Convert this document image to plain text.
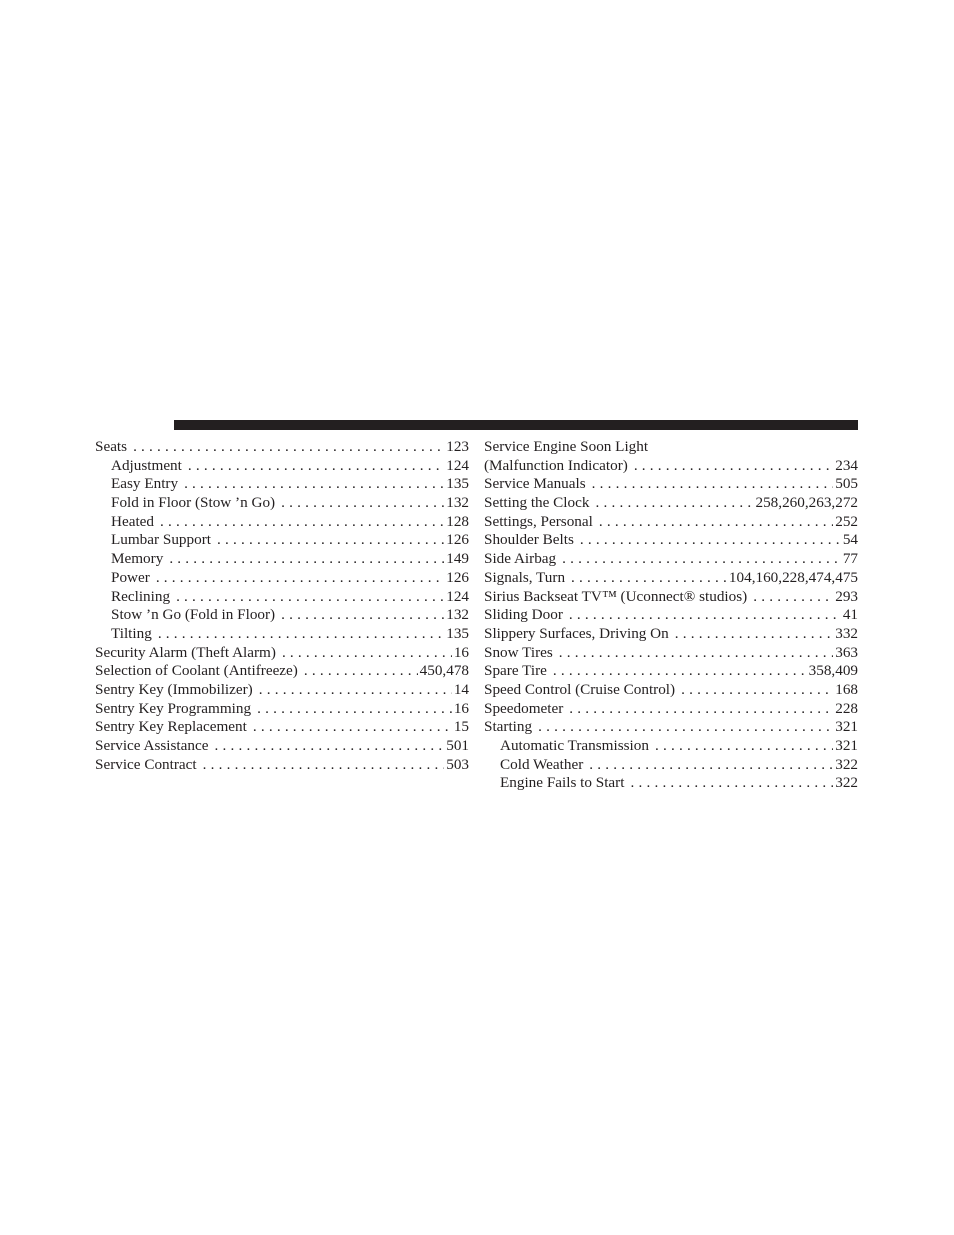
Seats .....	123
Adjustment .....	124
Easy Entry .....	135
Fold in Floor (Stow ’n Go) .....	132
Heated .....	128
Lumbar Support .....	126
Memory .....	149
Power .....	126
Reclining .....	124
Stow ’n Go (Fold in Floor) .....	132
Tilting .....	135
Security Alarm (Theft Alarm) .....	16
Selection of Coolant (Antifreeze) .....	450,478
Sentry Key (Immobilizer) .....	14
Sentry Key Programming .....	16
Sentry Key Replacement .....	15
Service Assistance .....	501
Service Contract .....	503
Service Engine Soon Light
(Malfunction Indicator) .....	234
Service Manuals .....	505
Setting the Clock .....	258,260,263,272
Settings, Personal .....	252
Shoulder Belts .....	54
Side Airbag .....	77
Signals, Turn .....	104,160,228,474,475
Sirius Backseat TV™ (Uconnect® studios) .....	293
Sliding Door .....	41
Slippery Surfaces, Driving On .....	332
Snow Tires .....	363
Spare Tire .....	358,409
Speed Control (Cruise Control) .....	168
Speedometer .....	228
Starting .....	321
Automatic Transmission .....	321
Cold Weather .....	322
Engine Fails to Start .....	322
